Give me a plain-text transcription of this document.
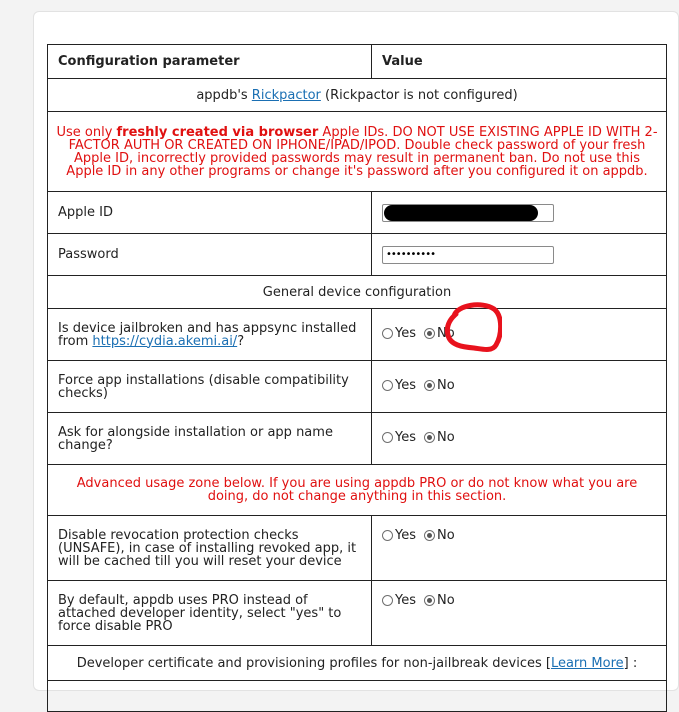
Configuration parameter	Value
appdb's Rickpactor (Rickpactor is not configured)	
Use only freshly created via browser Apple IDs. DO NOT USE EXISTING APPLE ID WITH 2-FACTOR AUTH OR CREATED ON IPHONE/IPAD/IPOD. Double check password of your fresh Apple ID, incorrectly provided passwords may result in permanent ban. Do not use this Apple ID in any other programs or change it's password after you configured it on appdb.	
Apple ID	

Password	••••••••••
General device configuration	
Is device jailbroken and has appsync installed from https://cydia.akemi.ai/?	Yes No

Force app installations (disable compatibility checks)	Yes No

Ask for alongside installation or app name change?	Yes No

Advanced usage zone below. If you are using appdb PRO or do not know what you are doing, do not change anything in this section.	
Disable revocation protection checks (UNSAFE), in case of installing revoked app, it will be cached till you will reset your device	Yes No

By default, appdb uses PRO instead of attached developer identity, select "yes" to force disable PRO	Yes No

Developer certificate and provisioning profiles for non-jailbreak devices [Learn More] :	
